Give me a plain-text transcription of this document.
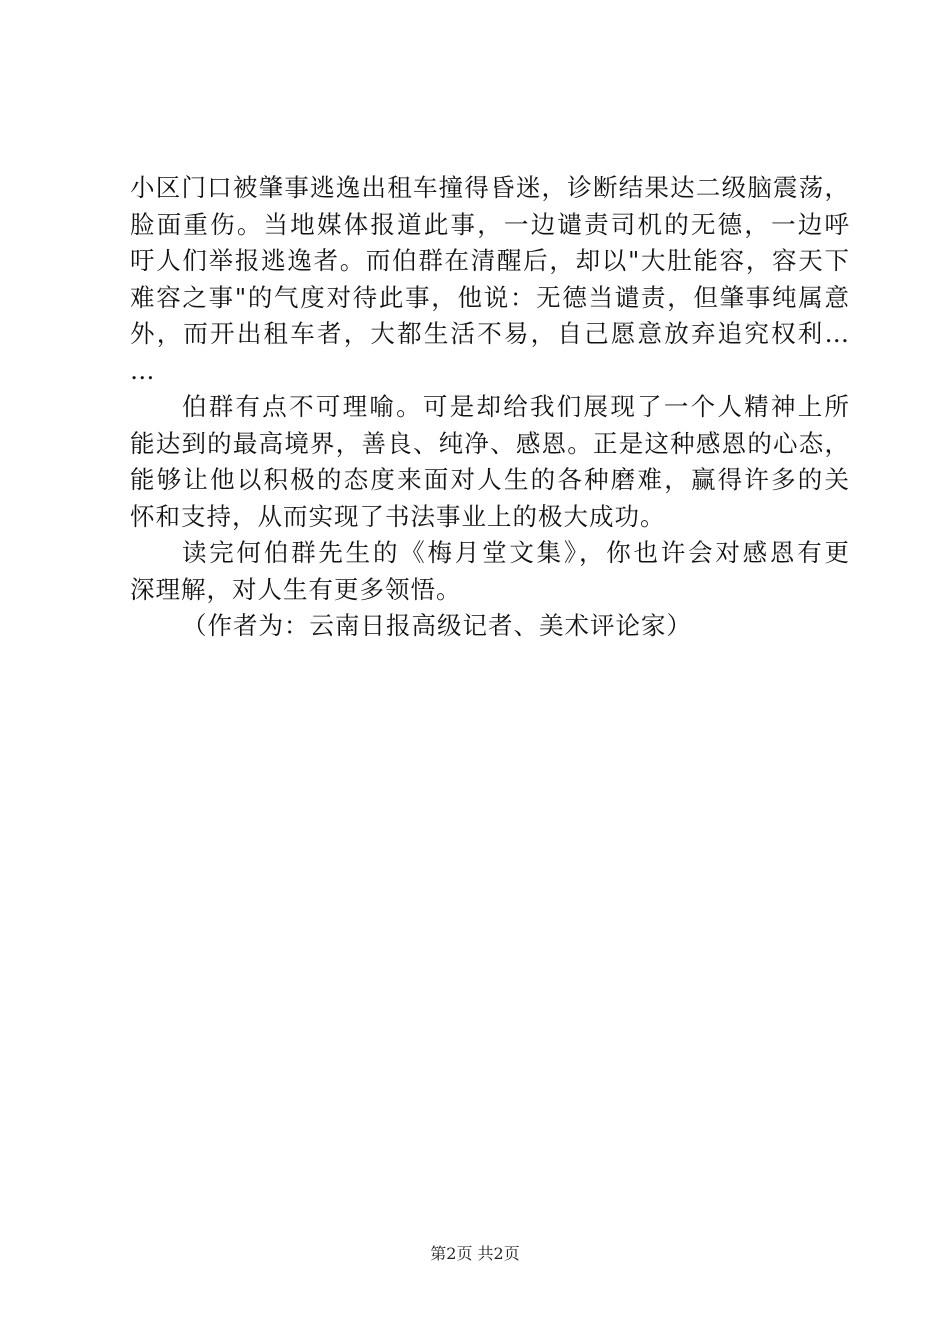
小区门口被肇事逃逸出租车撞得昏迷，诊断结果达二级脑震荡，
脸面重伤。当地媒体报道此事，一边谴责司机的无德，一边呼
吁人们举报逃逸者。而伯群在清醒后，却以"大肚能容，容天下
难容之事"的气度对待此事，他说：无德当谴责，但肇事纯属意
外，而开出租车者，大都生活不易，自己愿意放弃追究权利…
…
伯群有点不可理喻。可是却给我们展现了一个人精神上所
能达到的最高境界，善良、纯净、感恩。正是这种感恩的心态，
能够让他以积极的态度来面对人生的各种磨难，赢得许多的关
怀和支持，从而实现了书法事业上的极大成功。
读完何伯群先生的《梅月堂文集》，你也许会对感恩有更
深理解，对人生有更多领悟。
（作者为：云南日报高级记者、美术评论家）
第2页 共2页
